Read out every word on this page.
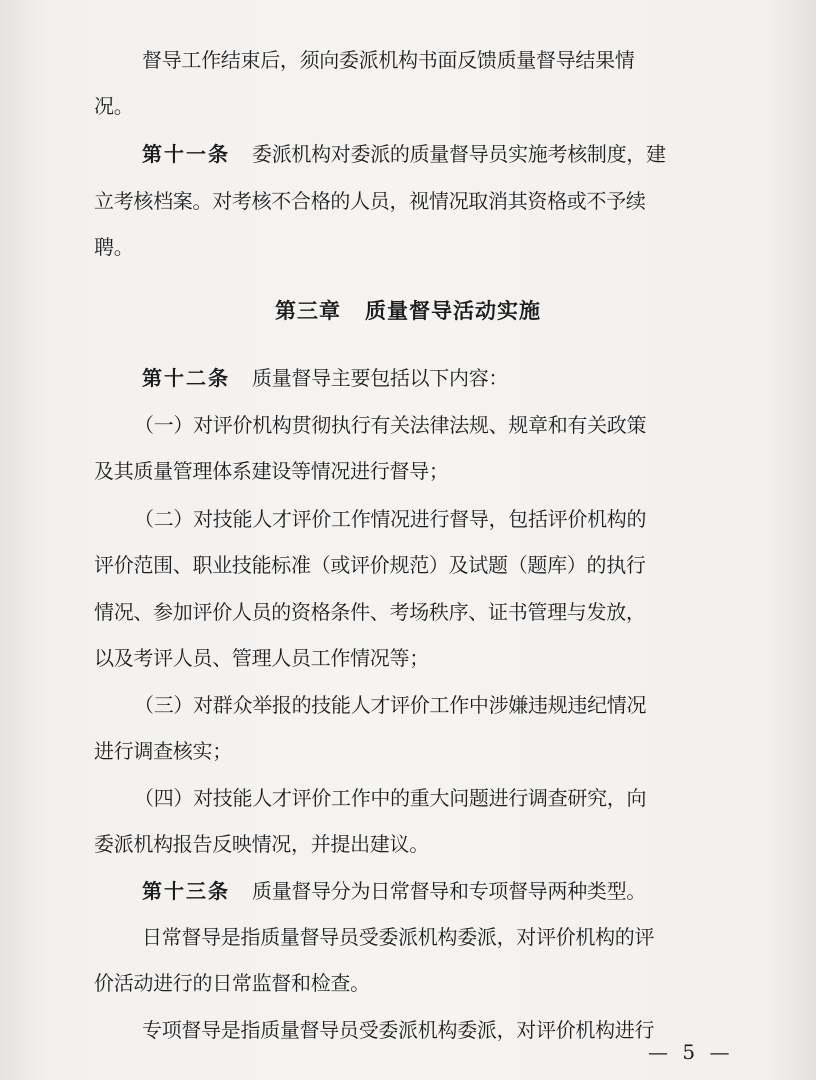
督导工作结束后，须向委派机构书面反馈质量督导结果情
况。
第十一条 委派机构对委派的质量督导员实施考核制度，建
立考核档案。对考核不合格的人员，视情况取消其资格或不予续
聘。
第三章 质量督导活动实施
第十二条 质量督导主要包括以下内容：
（一）对评价机构贯彻执行有关法律法规、规章和有关政策
及其质量管理体系建设等情况进行督导；
（二）对技能人才评价工作情况进行督导，包括评价机构的
评价范围、职业技能标准（或评价规范）及试题（题库）的执行
情况、参加评价人员的资格条件、考场秩序、证书管理与发放，
以及考评人员、管理人员工作情况等；
（三）对群众举报的技能人才评价工作中涉嫌违规违纪情况
进行调查核实；
（四）对技能人才评价工作中的重大问题进行调查研究，向
委派机构报告反映情况，并提出建议。
第十三条 质量督导分为日常督导和专项督导两种类型。
日常督导是指质量督导员受委派机构委派，对评价机构的评
价活动进行的日常监督和检查。
专项督导是指质量督导员受委派机构委派，对评价机构进行
— 5 —
